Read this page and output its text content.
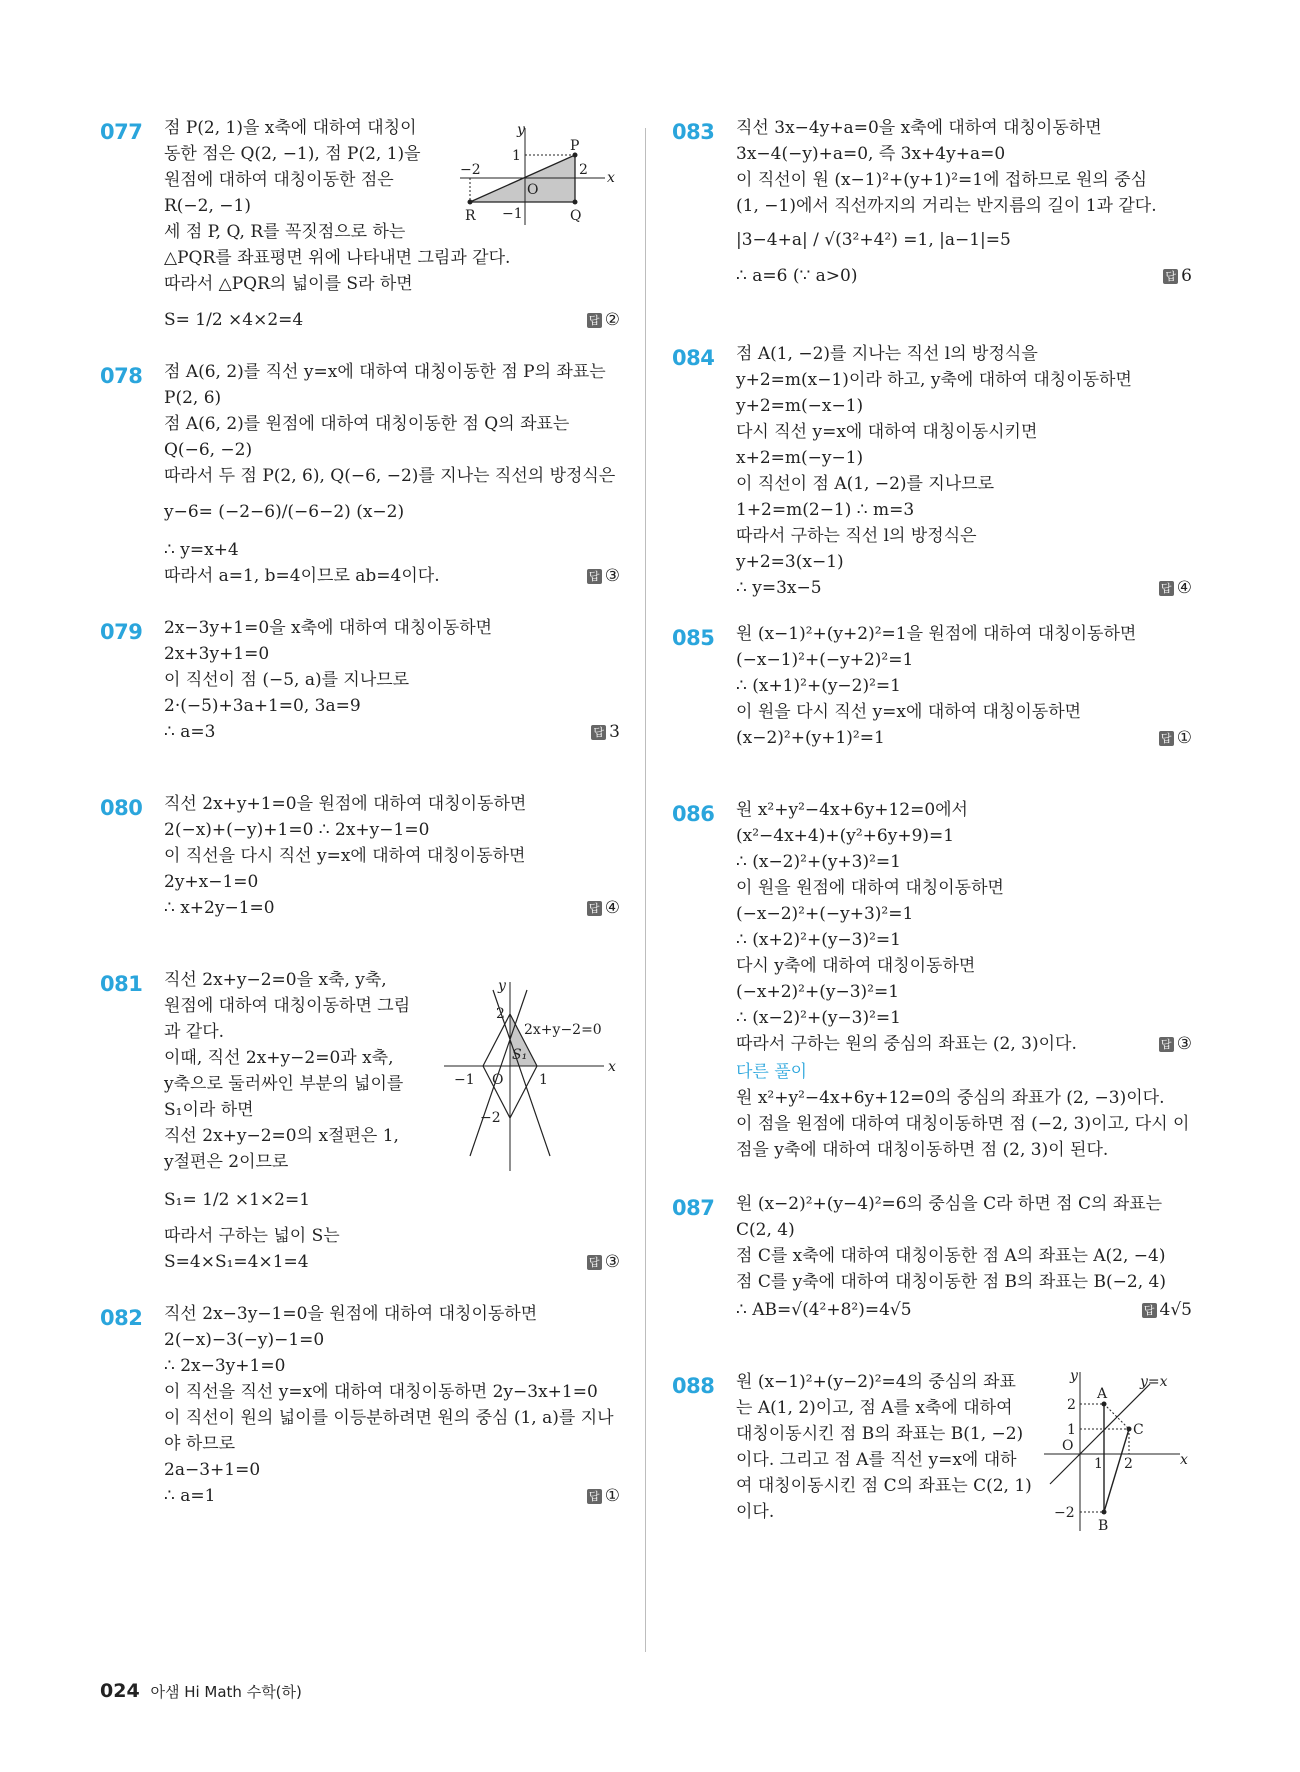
077 점 P(2, 1)을 x축에 대하여 대칭이
동한 점은 Q(2, −1), 점 P(2, 1)을
원점에 대하여 대칭이동한 점은
R(−2, −1)
세 점 P, Q, R를 꼭짓점으로 하는
△PQR를 좌표평면 위에 나타내면 그림과 같다.
따라서 △PQR의 넓이를 S라 하면
S= 1/2 ×4×2=4	답 ②
y
x
O
P
Q
R
1
−1
−2	2
078 점 A(6, 2)를 직선 y=x에 대하여 대칭이동한 점 P의 좌표는
P(2, 6)
점 A(6, 2)를 원점에 대하여 대칭이동한 점 Q의 좌표는
Q(−6, −2)
따라서 두 점 P(2, 6), Q(−6, −2)를 지나는 직선의 방정식은
y−6= (−2−6)/(−6−2) (x−2)
∴ y=x+4
따라서 a=1, b=4이므로 ab=4이다.	답 ③
079 2x−3y+1=0을 x축에 대하여 대칭이동하면
2x+3y+1=0
이 직선이 점 (−5, a)를 지나므로
2·(−5)+3a+1=0, 3a=9
∴ a=3	답 3
080 직선 2x+y+1=0을 원점에 대하여 대칭이동하면
2(−x)+(−y)+1=0 ∴ 2x+y−1=0
이 직선을 다시 직선 y=x에 대하여 대칭이동하면
2y+x−1=0
∴ x+2y−1=0	답 ④
081 직선 2x+y−2=0을 x축, y축,
원점에 대하여 대칭이동하면 그림
과 같다.
이때, 직선 2x+y−2=0과 x축,
y축으로 둘러싸인 부분의 넓이를
S₁이라 하면
직선 2x+y−2=0의 x절편은 1,
y절편은 2이므로
S₁= 1/2 ×1×2=1
따라서 구하는 넓이 S는
S=4×S₁=4×1=4	답 ③
y
x
O
2
−2
1
−1
2x+y−2=0
S₁
082 직선 2x−3y−1=0을 원점에 대하여 대칭이동하면
2(−x)−3(−y)−1=0
∴ 2x−3y+1=0
이 직선을 직선 y=x에 대하여 대칭이동하면 2y−3x+1=0
이 직선이 원의 넓이를 이등분하려면 원의 중심 (1, a)를 지나
야 하므로
2a−3+1=0
∴ a=1	답 ①
083 직선 3x−4y+a=0을 x축에 대하여 대칭이동하면
3x−4(−y)+a=0, 즉 3x+4y+a=0
이 직선이 원 (x−1)²+(y+1)²=1에 접하므로 원의 중심
(1, −1)에서 직선까지의 거리는 반지름의 길이 1과 같다.
|3−4+a| / √(3²+4²) =1, |a−1|=5
∴ a=6 (∵ a>0)	답 6
084 점 A(1, −2)를 지나는 직선 l의 방정식을
y+2=m(x−1)이라 하고, y축에 대하여 대칭이동하면
y+2=m(−x−1)
다시 직선 y=x에 대하여 대칭이동시키면
x+2=m(−y−1)
이 직선이 점 A(1, −2)를 지나므로
1+2=m(2−1) ∴ m=3
따라서 구하는 직선 l의 방정식은
y+2=3(x−1)
∴ y=3x−5	답 ④
085 원 (x−1)²+(y+2)²=1을 원점에 대하여 대칭이동하면
(−x−1)²+(−y+2)²=1
∴ (x+1)²+(y−2)²=1
이 원을 다시 직선 y=x에 대하여 대칭이동하면
(x−2)²+(y+1)²=1	답 ①
086 원 x²+y²−4x+6y+12=0에서
(x²−4x+4)+(y²+6y+9)=1
∴ (x−2)²+(y+3)²=1
이 원을 원점에 대하여 대칭이동하면
(−x−2)²+(−y+3)²=1
∴ (x+2)²+(y−3)²=1
다시 y축에 대하여 대칭이동하면
(−x+2)²+(y−3)²=1
∴ (x−2)²+(y−3)²=1
따라서 구하는 원의 중심의 좌표는 (2, 3)이다.	답 ③
다른 풀이
원 x²+y²−4x+6y+12=0의 중심의 좌표가 (2, −3)이다.
이 점을 원점에 대하여 대칭이동하면 점 (−2, 3)이고, 다시 이
점을 y축에 대하여 대칭이동하면 점 (2, 3)이 된다.
087 원 (x−2)²+(y−4)²=6의 중심을 C라 하면 점 C의 좌표는
C(2, 4)
점 C를 x축에 대하여 대칭이동한 점 A의 좌표는 A(2, −4)
점 C를 y축에 대하여 대칭이동한 점 B의 좌표는 B(−2, 4)
∴ AB=√(4²+8²)=4√5	답 4√5
088 원 (x−1)²+(y−2)²=4의 중심의 좌표
는 A(1, 2)이고, 점 A를 x축에 대하여
대칭이동시킨 점 B의 좌표는 B(1, −2)
이다. 그리고 점 A를 직선 y=x에 대하
여 대칭이동시킨 점 C의 좌표는 C(2, 1)
이다.
y
x
O
A
C
B
y=x
2
1
−2
1 2
024 아샘 Hi Math 수학(하)
